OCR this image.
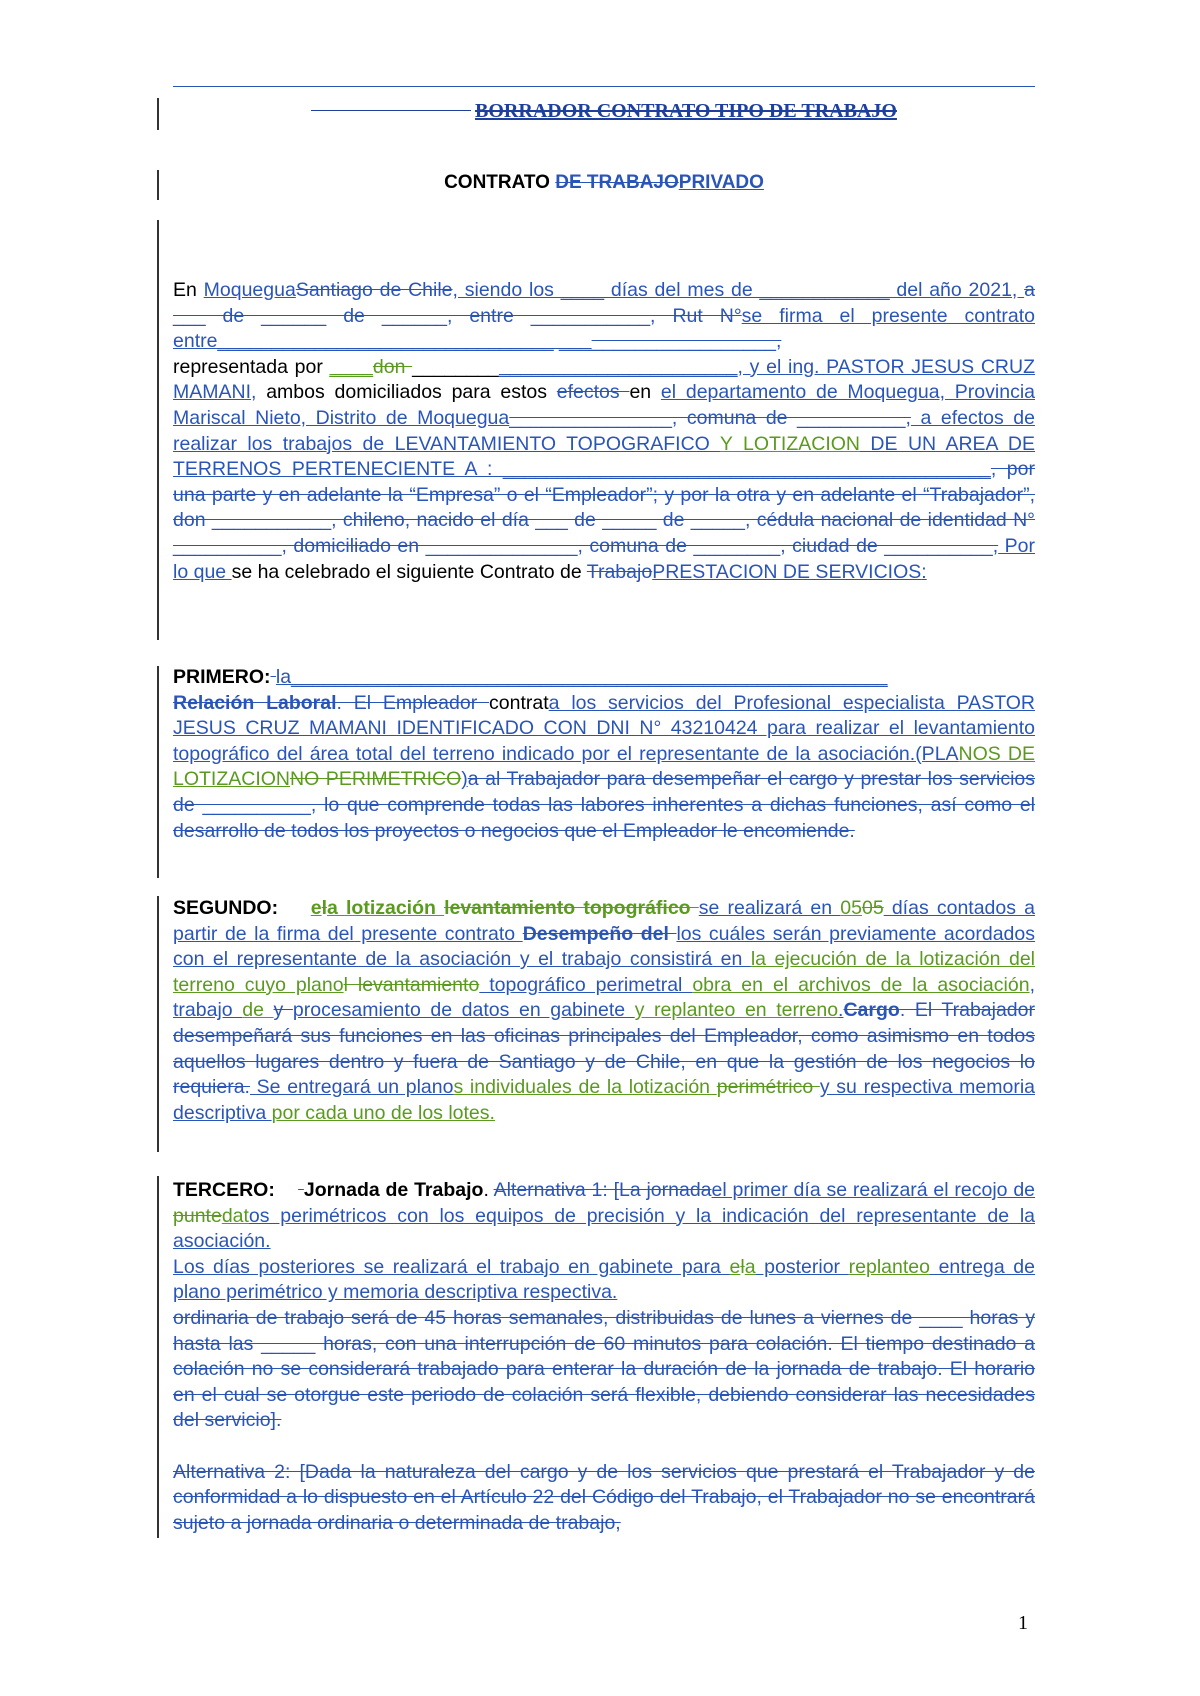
BORRADOR CONTRATO TIPO DE TRABAJO
CONTRATO DE TRABAJOPRIVADO
En MoqueguaSantiago de Chile, siendo los ____ días del mes de ____________ del año 2021, a ___ de ______ de ______, entre ___________, Rut N°se firma el presente contrato entre_______________________________ ____________________,
representada por ____don ______________________________, y el ing. PASTOR JESUS CRUZ MAMANI, ambos domiciliados para estos efectos en el departamento de Moquegua, Provincia Mariscal Nieto, Distrito de Moquegua_______________, comuna de __________, a efectos de realizar los trabajos de LEVANTAMIENTO TOPOGRAFICO Y LOTIZACION DE UN AREA DE TERRENOS PERTENECIENTE A : _____________________________________________, por una parte y en adelante la “Empresa” o el “Empleador”; y por la otra y en adelante el “Trabajador”, don ___________, chileno, nacido el día ___ de _____ de _____, cédula nacional de identidad N° __________, domiciliado en ______________, comuna de ________, ciudad de __________, Por lo que se ha celebrado el siguiente Contrato de TrabajoPRESTACION DE SERVICIOS:
PRIMERO: la_______________________________________________________
Relación Laboral. El Empleador contrata los servicios del Profesional especialista PASTOR JESUS CRUZ MAMANI IDENTIFICADO CON DNI N° 43210424 para realizar el levantamiento topográfico del área total del terreno indicado por el representante de la asociación.(PLANOS DE LOTIZACIONNO PERIMETRICO)a al Trabajador para desempeñar el cargo y prestar los servicios de __________, lo que comprende todas las labores inherentes a dichas funciones, así como el desarrollo de todos los proyectos o negocios que el Empleador le encomiende.
SEGUNDO: ela lotización levantamiento topográfico se realizará en 0505 días contados a partir de la firma del presente contrato Desempeño del los cuáles serán previamente acordados con el representante de la asociación y el trabajo consistirá en la ejecución de la lotización del terreno cuyo planol levantamiento topográfico perimetral obra en el archivos de la asociación, trabajo de y procesamiento de datos en gabinete y replanteo en terreno.Cargo. El Trabajador desempeñará sus funciones en las oficinas principales del Empleador, como asimismo en todos aquellos lugares dentro y fuera de Santiago y de Chile, en que la gestión de los negocios lo requiera. Se entregará un planos individuales de la lotización perimétrico y su respectiva memoria descriptiva por cada uno de los lotes.
TERCERO: Jornada de Trabajo. Alternativa 1: [La jornadael primer día se realizará el recojo de puntedatos perimétricos con los equipos de precisión y la indicación del representante de la asociación.
Los días posteriores se realizará el trabajo en gabinete para ela posterior replanteo entrega de plano perimétrico y memoria descriptiva respectiva.
ordinaria de trabajo será de 45 horas semanales, distribuidas de lunes a viernes de ____ horas y hasta las _____ horas, con una interrupción de 60 minutos para colación. El tiempo destinado a colación no se considerará trabajado para enterar la duración de la jornada de trabajo. El horario en el cual se otorgue este periodo de colación será flexible, debiendo considerar las necesidades del servicio].

Alternativa 2: [Dada la naturaleza del cargo y de los servicios que prestará el Trabajador y de conformidad a lo dispuesto en el Artículo 22 del Código del Trabajo, el Trabajador no se encontrará sujeto a jornada ordinaria o determinada de trabajo,
1
